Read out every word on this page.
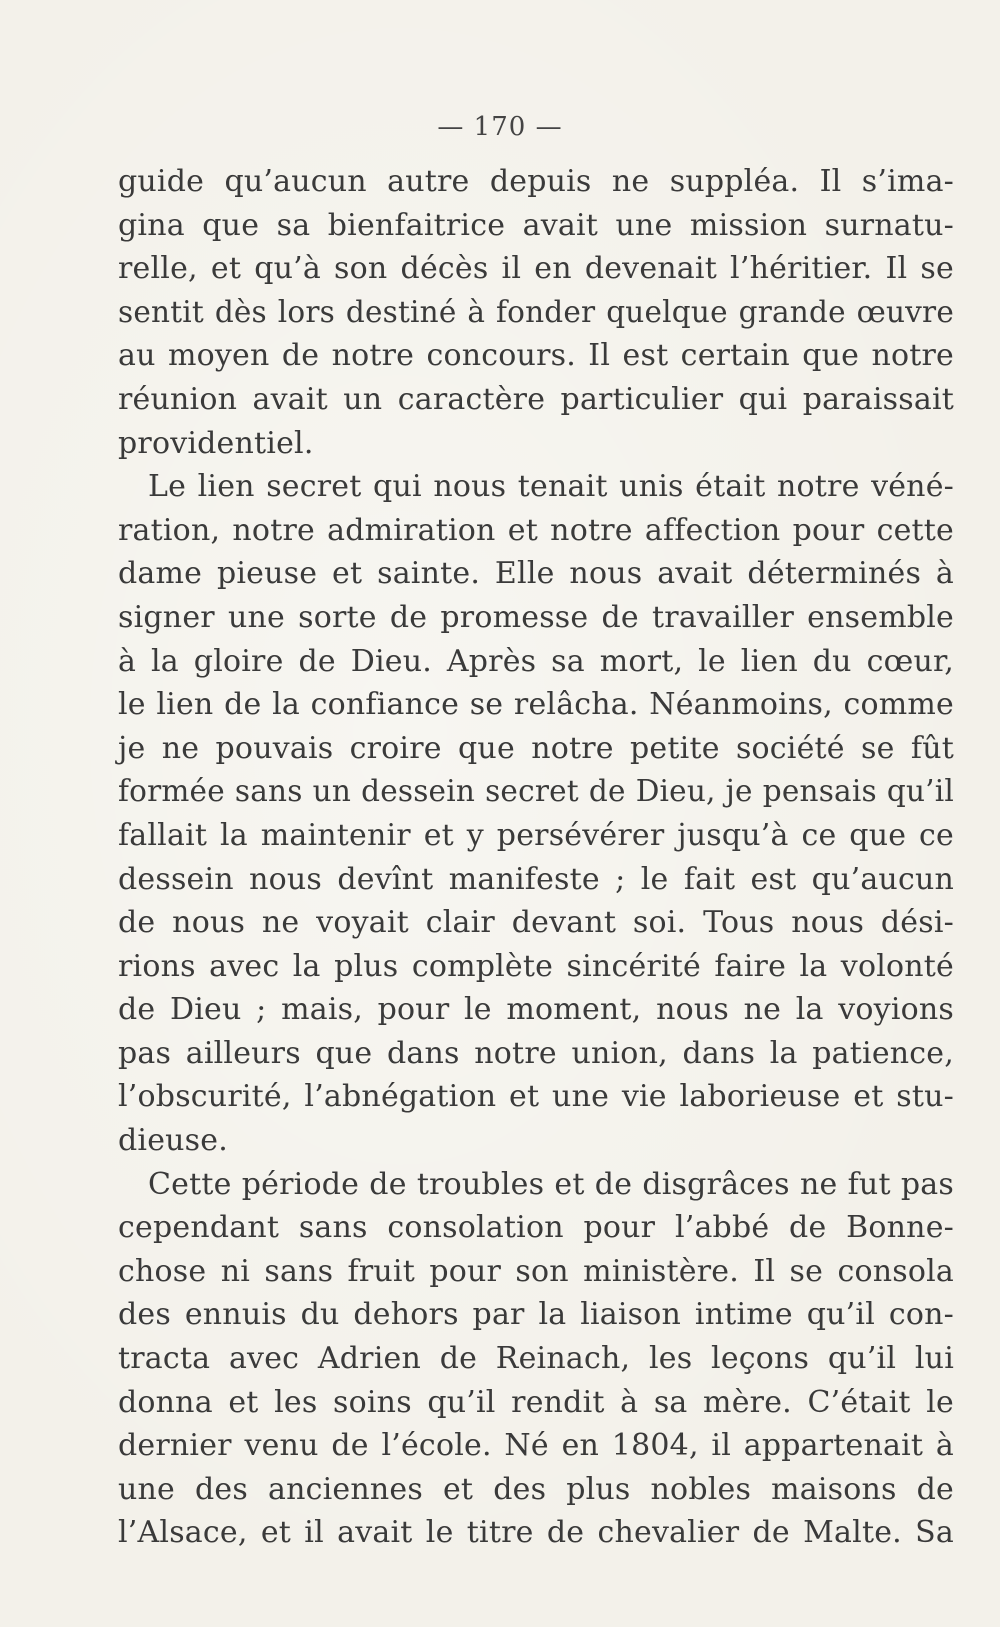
— 170 —

guide qu’aucun autre depuis ne suppléa. Il s’ima-
gina que sa bienfaitrice avait une mission surnatu-
relle, et qu’à son décès il en devenait l’héritier. Il se
sentit dès lors destiné à fonder quelque grande œuvre
au moyen de notre concours. Il est certain que notre
réunion avait un caractère particulier qui paraissait
providentiel.

Le lien secret qui nous tenait unis était notre véné-
ration, notre admiration et notre affection pour cette
dame pieuse et sainte. Elle nous avait déterminés à
signer une sorte de promesse de travailler ensemble
à la gloire de Dieu. Après sa mort, le lien du cœur,
le lien de la confiance se relâcha. Néanmoins, comme
je ne pouvais croire que notre petite société se fût
formée sans un dessein secret de Dieu, je pensais qu’il
fallait la maintenir et y persévérer jusqu’à ce que ce
dessein nous devînt manifeste ; le fait est qu’aucun
de nous ne voyait clair devant soi. Tous nous dési-
rions avec la plus complète sincérité faire la volonté
de Dieu ; mais, pour le moment, nous ne la voyions
pas ailleurs que dans notre union, dans la patience,
l’obscurité, l’abnégation et une vie laborieuse et stu-
dieuse.

Cette période de troubles et de disgrâces ne fut pas
cependant sans consolation pour l’abbé de Bonne-
chose ni sans fruit pour son ministère. Il se consola
des ennuis du dehors par la liaison intime qu’il con-
tracta avec Adrien de Reinach, les leçons qu’il lui
donna et les soins qu’il rendit à sa mère. C’était le
dernier venu de l’école. Né en 1804, il appartenait à
une des anciennes et des plus nobles maisons de
l’Alsace, et il avait le titre de chevalier de Malte. Sa
